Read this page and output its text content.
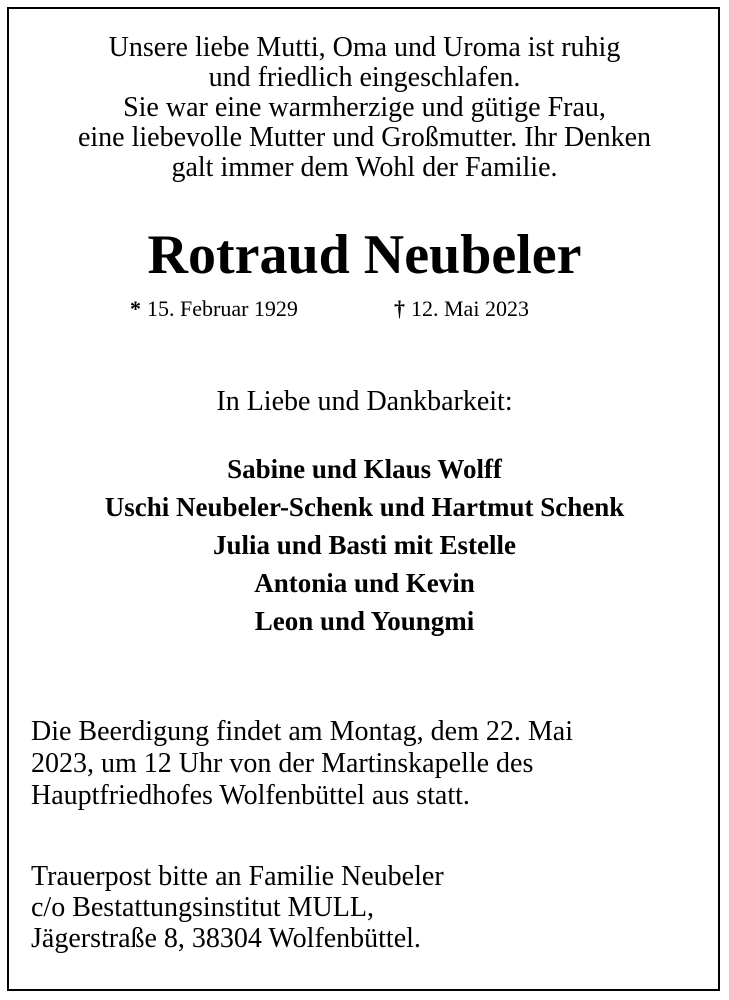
Unsere liebe Mutti, Oma und Uroma ist ruhig
und friedlich eingeschlafen.
Sie war eine warmherzige und gütige Frau,
eine liebevolle Mutter und Großmutter. Ihr Denken
galt immer dem Wohl der Familie.

Rotraud Neubeler
* 15. Februar 1929	† 12. Mai 2023
In Liebe und Dankbarkeit:
Sabine und Klaus Wolff
Uschi Neubeler-Schenk und Hartmut Schenk
Julia und Basti mit Estelle
Antonia und Kevin
Leon und Youngmi
Die Beerdigung findet am Montag, dem 22. Mai
2023, um 12 Uhr von der Martinskapelle des
Hauptfriedhofes Wolfenbüttel aus statt.
Trauerpost bitte an Familie Neubeler
c/o Bestattungsinstitut MULL,
Jägerstraße 8, 38304 Wolfenbüttel.
